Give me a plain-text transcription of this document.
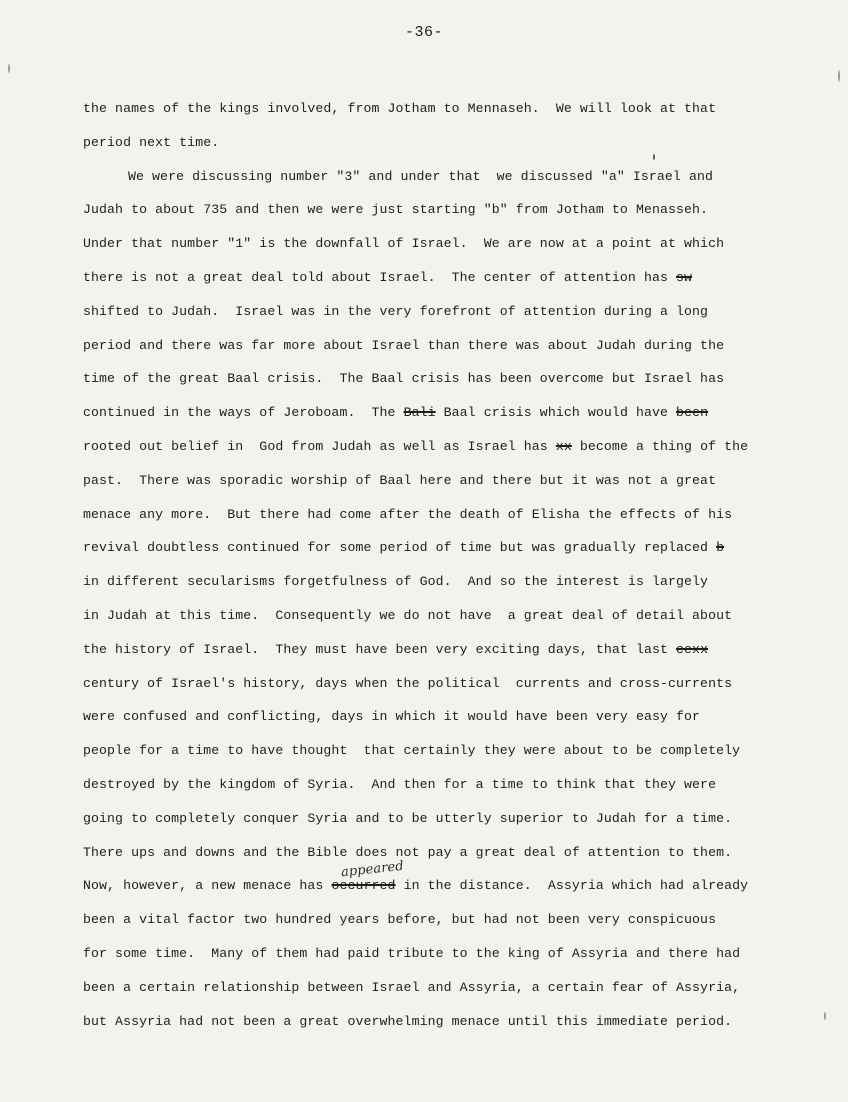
-36-
the names of the kings involved, from Jotham to Mennaseh.  We will look at that
period next time.
We were discussing number "3" and under that  we discussed "a" Israel and
Judah to about 735 and then we were just starting "b" from Jotham to Menasseh.
Under that number "1" is the downfall of Israel.  We are now at a point at which
there is not a great deal told about Israel.  The center of attention has sw
shifted to Judah.  Israel was in the very forefront of attention during a long
period and there was far more about Israel than there was about Judah during the
time of the great Baal crisis.  The Baal crisis has been overcome but Israel has
continued in the ways of Jeroboam.  The Bali Baal crisis which would have been
rooted out belief in  God from Judah as well as Israel has xx become a thing of the
past.  There was sporadic worship of Baal here and there but it was not a great
menace any more.  But there had come after the death of Elisha the effects of his
revival doubtless continued for some period of time but was gradually replaced b
in different secularisms forgetfulness of God.  And so the interest is largely
in Judah at this time.  Consequently we do not have  a great deal of detail about
the history of Israel.  They must have been very exciting days, that last cexx
century of Israel's history, days when the political  currents and cross-currents
were confused and conflicting, days in which it would have been very easy for
people for a time to have thought  that certainly they were about to be completely
destroyed by the kingdom of Syria.  And then for a time to think that they were
going to completely conquer Syria and to be utterly superior to Judah for a time.
There ups and downs and the Bible does not pay a great deal of attention to them.
Now, however, a new menace has occurred in the distance.  Assyria which had already
appeared
been a vital factor two hundred years before, but had not been very conspicuous
for some time.  Many of them had paid tribute to the king of Assyria and there had
been a certain relationship between Israel and Assyria, a certain fear of Assyria,
but Assyria had not been a great overwhelming menace until this immediate period.
